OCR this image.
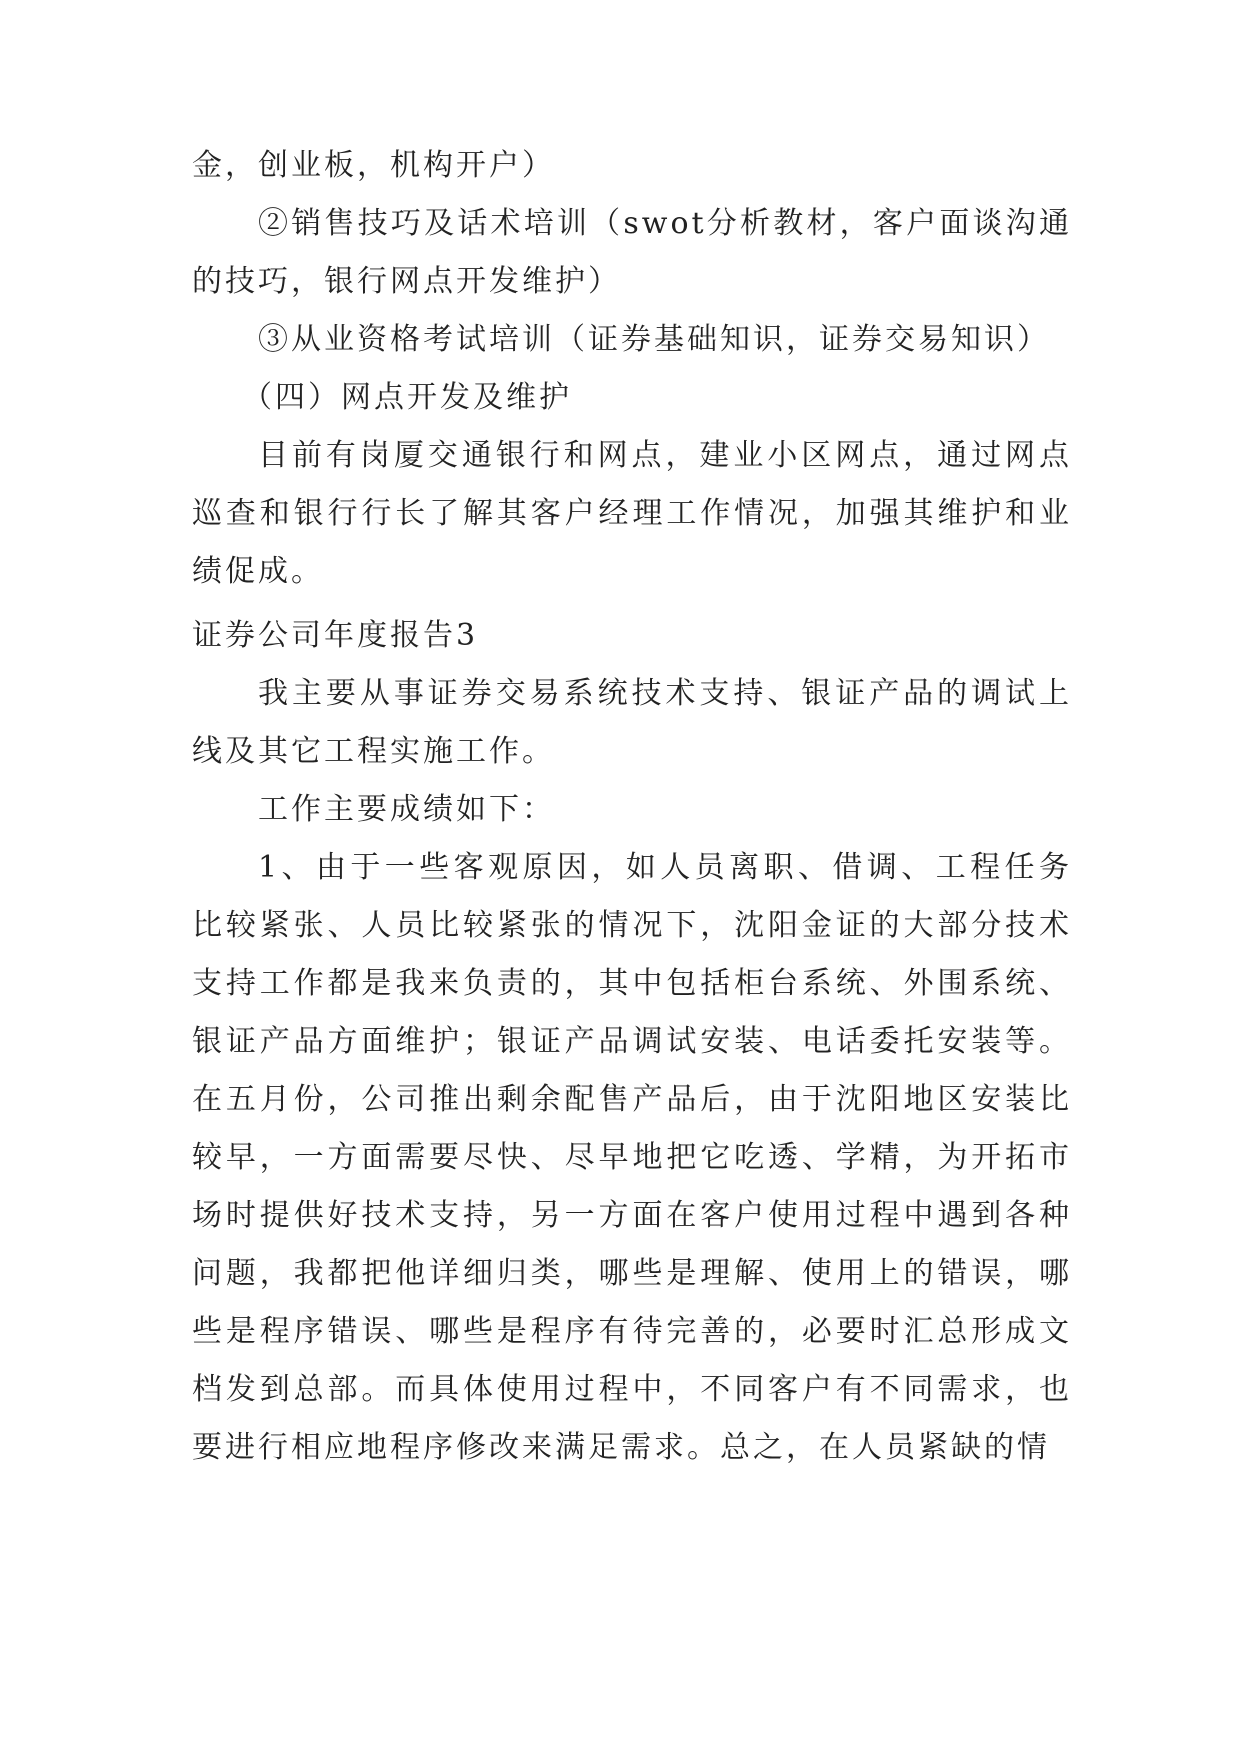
金，创业板，机构开户）

②销售技巧及话术培训（swot分析教材，客户面谈沟通的技巧，银行网点开发维护）

③从业资格考试培训（证券基础知识，证券交易知识）

（四）网点开发及维护

目前有岗厦交通银行和网点，建业小区网点，通过网点巡查和银行行长了解其客户经理工作情况，加强其维护和业绩促成。

证券公司年度报告3

我主要从事证券交易系统技术支持、银证产品的调试上线及其它工程实施工作。

工作主要成绩如下：

1、由于一些客观原因，如人员离职、借调、工程任务比较紧张、人员比较紧张的情况下，沈阳金证的大部分技术支持工作都是我来负责的，其中包括柜台系统、外围系统、银证产品方面维护；银证产品调试安装、电话委托安装等。在五月份，公司推出剩余配售产品后，由于沈阳地区安装比较早，一方面需要尽快、尽早地把它吃透、学精，为开拓市场时提供好技术支持，另一方面在客户使用过程中遇到各种问题，我都把他详细归类，哪些是理解、使用上的错误，哪些是程序错误、哪些是程序有待完善的，必要时汇总形成文档发到总部。而具体使用过程中，不同客户有不同需求，也要进行相应地程序修改来满足需求。总之，在人员紧缺的情
